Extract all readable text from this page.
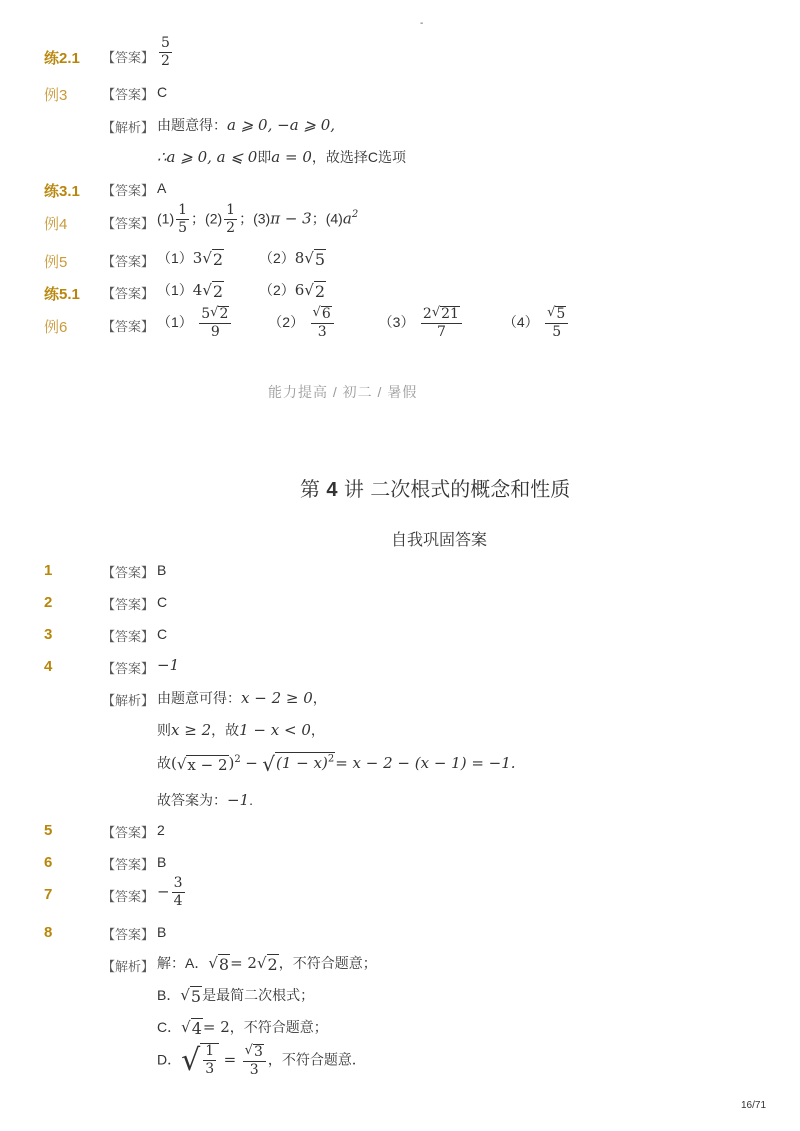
-
练2.1 【答案】 $\frac{5}{2}$
例3	【答案】 C
【解析】 由题意得：a ⩾ 0, −a ⩾ 0,
∴a ⩾ 0, a ⩽ 0即a = 0，故选择C选项
练3.1 【答案】 A
例4	【答案】 $(1) \frac{1}{5}$ ；$(2) \frac{1}{2}$ ；(3)π − 3；$(4)a^2$
例5	【答案】 （1）3 √ 2	（2）8 √ 5
练5.1 【答案】 （1）4 √ 2	（2）6 √ 2
例6	【答案】 $(1) \frac{5 √ 2}{9}$	$(2) \frac{√ 6}{3}$	$(3) \frac{2 √ 21}{7}$	$(4) \frac{√ 5}{5}$
能力提高 / 初二 / 暑假
第 4 讲 二次根式的概念和性质
自我巩固答案
1	【答案】 B
2	【答案】 C
3	【答案】 C
4	【答案】 −1
【解析】 由题意可得：x − 2 ≥ 0，
则x ≥ 2，故1 − x < 0，
故( √ x − 2 )$^2$ − √ $(1 - x)^2 = x - 2 - (x - 1) = -1$.
故答案为：−1.
5	【答案】 2
6	【答案】 B
7	【答案】 − $\frac{3}{4}$
8	【答案】 B
【解析】 解：A． √ 8 = 2 √ 2 ，不符合题意；
B． √ 5 是最简二次根式；
C． √ 4 = 2，不符合题意；
D． √ $\frac{1}{3} = \frac{√ 3}{3}$ ，不符合题意．
16/71
